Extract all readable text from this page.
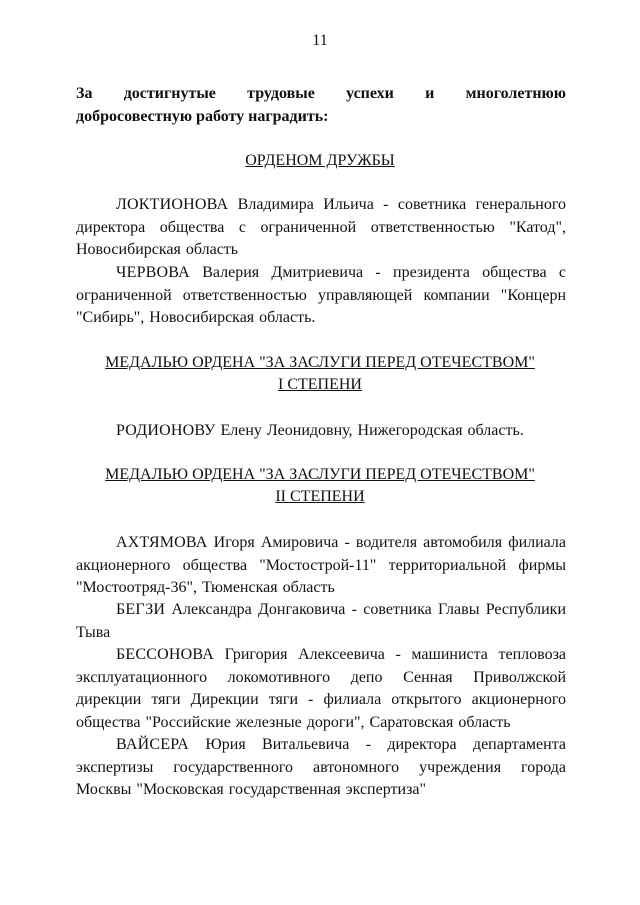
11
За достигнутые трудовые успехи и многолетнюю
добросовестную работу наградить:
ОРДЕНОМ ДРУЖБЫ
ЛОКТИОНОВА Владимира Ильича - советника генерального директора общества с ограниченной ответственностью "Катод", Новосибирская область
ЧЕРВОВА Валерия Дмитриевича - президента общества с ограниченной ответственностью управляющей компании "Концерн "Сибирь", Новосибирская область.
МЕДАЛЬЮ ОРДЕНА "ЗА ЗАСЛУГИ ПЕРЕД ОТЕЧЕСТВОМ"
I СТЕПЕНИ
РОДИОНОВУ Елену Леонидовну, Нижегородская область.
МЕДАЛЬЮ ОРДЕНА "ЗА ЗАСЛУГИ ПЕРЕД ОТЕЧЕСТВОМ"
II СТЕПЕНИ
АХТЯМОВА Игоря Амировича - водителя автомобиля филиала акционерного общества "Мостострой-11" территориальной фирмы "Мостоотряд-36", Тюменская область
БЕГЗИ Александра Донгаковича - советника Главы Республики Тыва
БЕССОНОВА Григория Алексеевича - машиниста тепловоза эксплуатационного локомотивного депо Сенная Приволжской дирекции тяги Дирекции тяги - филиала открытого акционерного общества "Российские железные дороги", Саратовская область
ВАЙСЕРА Юрия Витальевича - директора департамента экспертизы государственного автономного учреждения города Москвы "Московская государственная экспертиза"
